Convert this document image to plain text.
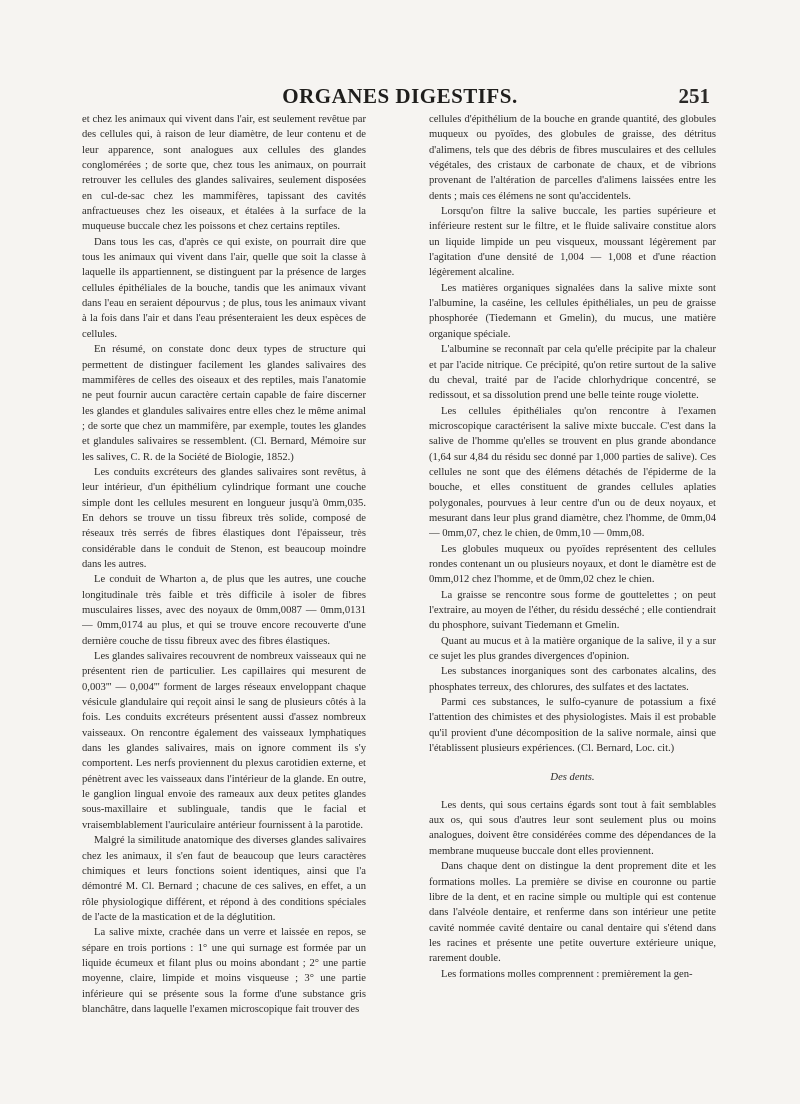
ORGANES DIGESTIFS.	251

et chez les animaux qui vivent dans l'air, est seulement revêtue par des cellules qui, à raison de leur diamètre, de leur contenu et de leur apparence, sont analogues aux cellules des glandes conglomérées ; de sorte que, chez tous les animaux, on pourrait retrouver les cellules des glandes salivaires, seulement disposées en cul-de-sac chez les mammifères, tapissant des cavités anfractueuses chez les oiseaux, et étalées à la surface de la muqueuse buccale chez les poissons et chez certains reptiles.

Dans tous les cas, d'après ce qui existe, on pourrait dire que tous les animaux qui vivent dans l'air, quelle que soit la classe à laquelle ils appartiennent, se distinguent par la présence de larges cellules épithéliales de la bouche, tandis que les animaux vivant dans l'eau en seraient dépourvus ; de plus, tous les animaux vivant à la fois dans l'air et dans l'eau présenteraient les deux espèces de cellules.

En résumé, on constate donc deux types de structure qui permettent de distinguer facilement les glandes salivaires des mammifères de celles des oiseaux et des reptiles, mais l'anatomie ne peut fournir aucun caractère certain capable de faire discerner les glandes et glandules salivaires entre elles chez le même animal ; de sorte que chez un mammifère, par exemple, toutes les glandes et glandules salivaires se ressemblent. (Cl. Bernard, Mémoire sur les salives, C. R. de la Société de Biologie, 1852.)

Les conduits excréteurs des glandes salivaires sont revêtus, à leur intérieur, d'un épithélium cylindrique formant une couche simple dont les cellules mesurent en longueur jusqu'à 0mm,035. En dehors se trouve un tissu fibreux très solide, composé de réseaux très serrés de fibres élastiques dont l'épaisseur, très considérable dans le conduit de Stenon, est beaucoup moindre dans les autres.

Le conduit de Wharton a, de plus que les autres, une couche longitudinale très faible et très difficile à isoler de fibres musculaires lisses, avec des noyaux de 0mm,0087 — 0mm,0131 — 0mm,0174 au plus, et qui se trouve encore recouverte d'une dernière couche de tissu fibreux avec des fibres élastiques.

Les glandes salivaires recouvrent de nombreux vaisseaux qui ne présentent rien de particulier. Les capillaires qui mesurent de 0,003''' — 0,004''' forment de larges réseaux enveloppant chaque vésicule glandulaire qui reçoit ainsi le sang de plusieurs côtés à la fois. Les conduits excréteurs présentent aussi d'assez nombreux vaisseaux. On rencontre également des vaisseaux lymphatiques dans les glandes salivaires, mais on ignore comment ils s'y comportent. Les nerfs proviennent du plexus carotidien externe, et pénètrent avec les vaisseaux dans l'intérieur de la glande. En outre, le ganglion lingual envoie des rameaux aux deux petites glandes sous-maxillaire et sublinguale, tandis que le facial et vraisemblablement l'auriculaire antérieur fournissent à la parotide.

Malgré la similitude anatomique des diverses glandes salivaires chez les animaux, il s'en faut de beaucoup que leurs caractères chimiques et leurs fonctions soient identiques, ainsi que l'a démontré M. Cl. Bernard ; chacune de ces salives, en effet, a un rôle physiologique différent, et répond à des conditions spéciales de l'acte de la mastication et de la déglutition.

La salive mixte, crachée dans un verre et laissée en repos, se sépare en trois portions : 1° une qui surnage est formée par un liquide écumeux et filant plus ou moins abondant ; 2° une partie moyenne, claire, limpide et moins visqueuse ; 3° une partie inférieure qui se présente sous la forme d'une substance gris blanchâtre, dans laquelle l'examen microscopique fait trouver des

cellules d'épithélium de la bouche en grande quantité, des globules muqueux ou pyoïdes, des globules de graisse, des détritus d'alimens, tels que des débris de fibres musculaires et des cellules végétales, des cristaux de carbonate de chaux, et de vibrions provenant de l'altération de parcelles d'alimens laissées entre les dents ; mais ces élémens ne sont qu'accidentels.

Lorsqu'on filtre la salive buccale, les parties supérieure et inférieure restent sur le filtre, et le fluide salivaire constitue alors un liquide limpide un peu visqueux, moussant légèrement par l'agitation d'une densité de 1,004 — 1,008 et d'une réaction légèrement alcaline.

Les matières organiques signalées dans la salive mixte sont l'albumine, la caséine, les cellules épithéliales, un peu de graisse phosphorée (Tiedemann et Gmelin), du mucus, une matière organique spéciale.

L'albumine se reconnaît par cela qu'elle précipite par la chaleur et par l'acide nitrique. Ce précipité, qu'on retire surtout de la salive du cheval, traité par de l'acide chlorhydrique concentré, se redissout, et sa dissolution prend une belle teinte rouge violette.

Les cellules épithéliales qu'on rencontre à l'examen microscopique caractérisent la salive mixte buccale. C'est dans la salive de l'homme qu'elles se trouvent en plus grande abondance (1,64 sur 4,84 du résidu sec donné par 1,000 parties de salive). Ces cellules ne sont que des élémens détachés de l'épiderme de la bouche, et elles constituent de grandes cellules aplaties polygonales, pourvues à leur centre d'un ou de deux noyaux, et mesurant dans leur plus grand diamètre, chez l'homme, de 0mm,04 — 0mm,07, chez le chien, de 0mm,10 — 0mm,08.

Les globules muqueux ou pyoïdes représentent des cellules rondes contenant un ou plusieurs noyaux, et dont le diamètre est de 0mm,012 chez l'homme, et de 0mm,02 chez le chien.

La graisse se rencontre sous forme de gouttelettes ; on peut l'extraire, au moyen de l'éther, du résidu desséché ; elle contiendrait du phosphore, suivant Tiedemann et Gmelin.

Quant au mucus et à la matière organique de la salive, il y a sur ce sujet les plus grandes divergences d'opinion.

Les substances inorganiques sont des carbonates alcalins, des phosphates terreux, des chlorures, des sulfates et des lactates.

Parmi ces substances, le sulfo-cyanure de potassium a fixé l'attention des chimistes et des physiologistes. Mais il est probable qu'il provient d'une décomposition de la salive normale, ainsi que l'établissent plusieurs expériences. (Cl. Bernard, Loc. cit.)

Des dents.

Les dents, qui sous certains égards sont tout à fait semblables aux os, qui sous d'autres leur sont seulement plus ou moins analogues, doivent être considérées comme des dépendances de la membrane muqueuse buccale dont elles proviennent.

Dans chaque dent on distingue la dent proprement dite et les formations molles. La première se divise en couronne ou partie libre de la dent, et en racine simple ou multiple qui est contenue dans l'alvéole dentaire, et renferme dans son intérieur une petite cavité nommée cavité dentaire ou canal dentaire qui s'étend dans les racines et présente une petite ouverture extérieure unique, rarement double.

Les formations molles comprennent : premièrement la gen-
